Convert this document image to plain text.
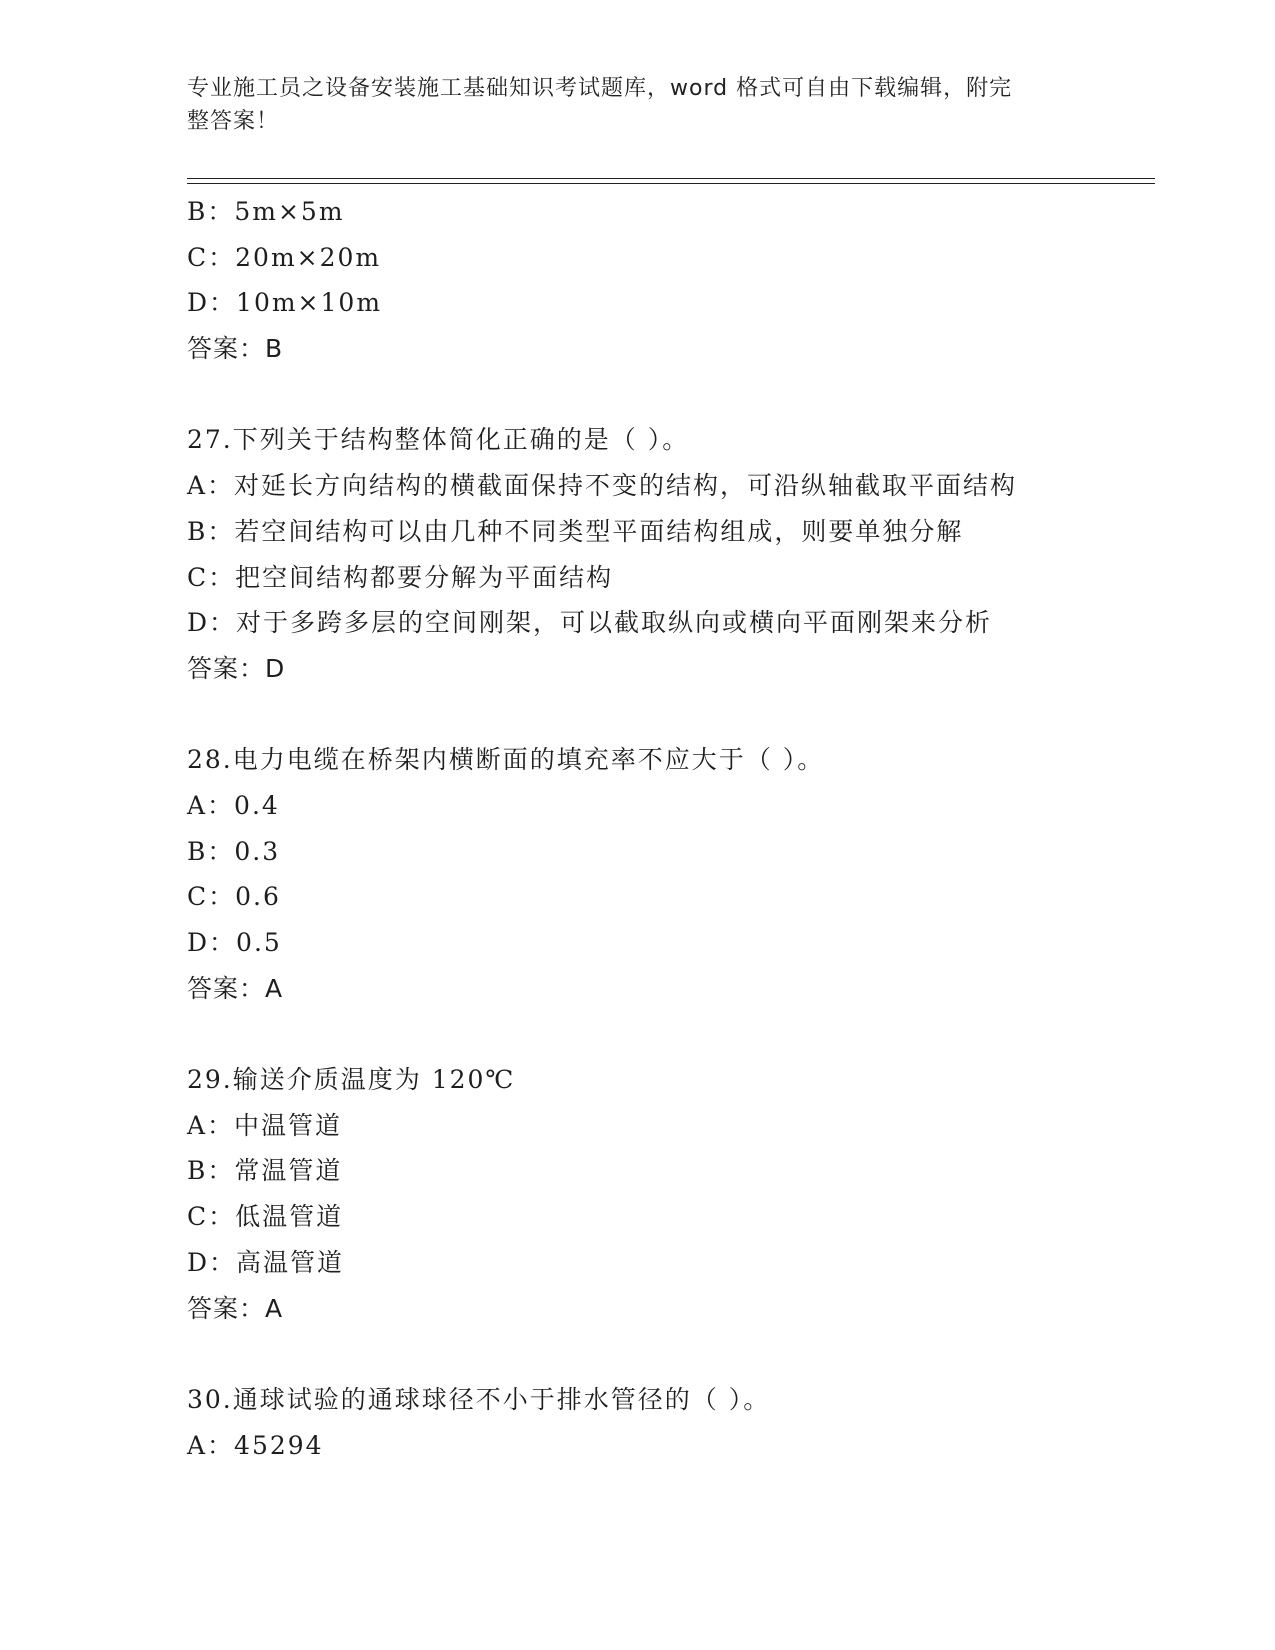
专业施工员之设备安装施工基础知识考试题库，word 格式可自由下载编辑，附完
整答案！
B：5m×5m
C：20m×20m
D：10m×10m
答案：B
27.下列关于结构整体简化正确的是（ ）。
A：对延长方向结构的横截面保持不变的结构，可沿纵轴截取平面结构
B：若空间结构可以由几种不同类型平面结构组成，则要单独分解
C：把空间结构都要分解为平面结构
D：对于多跨多层的空间刚架，可以截取纵向或横向平面刚架来分析
答案：D
28.电力电缆在桥架内横断面的填充率不应大于（ ）。
A：0.4
B：0.3
C：0.6
D：0.5
答案：A
29.输送介质温度为 120℃
A：中温管道
B：常温管道
C：低温管道
D：高温管道
答案：A
30.通球试验的通球球径不小于排水管径的（ ）。
A：45294
